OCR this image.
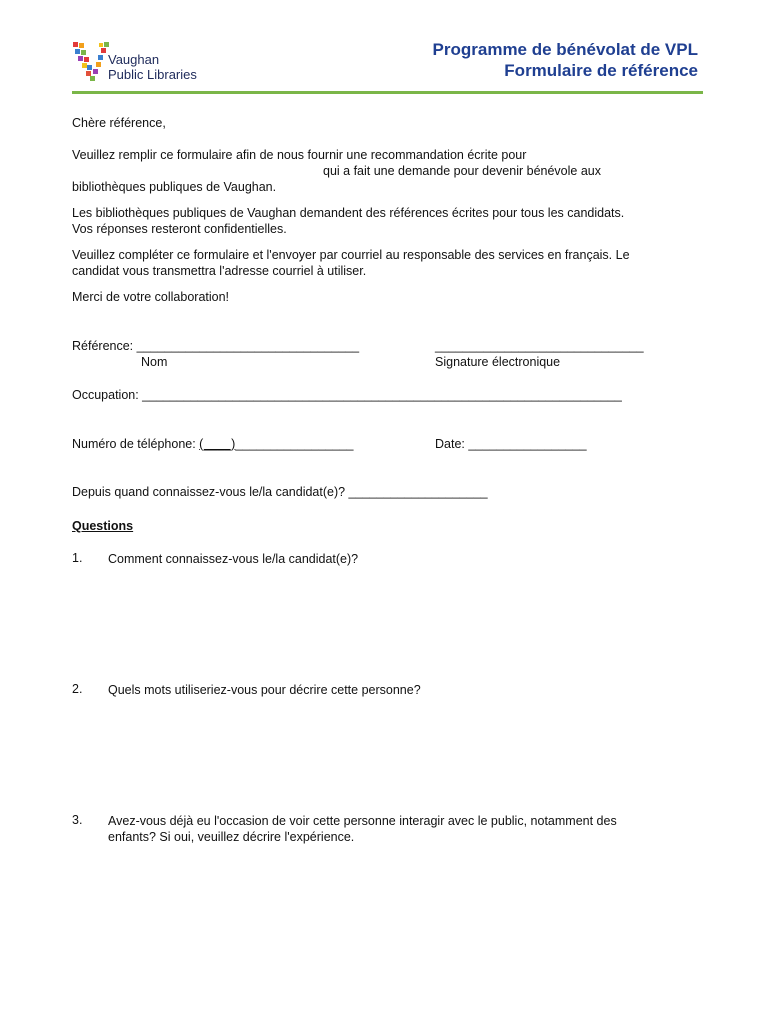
Vaughan
Public Libraries
Programme de bénévolat de VPL
Formulaire de référence
Chère référence,
Veuillez remplir ce formulaire afin de nous fournir une recommandation écrite pour
qui a fait une demande pour devenir bénévole aux
bibliothèques publiques de Vaughan.
Les bibliothèques publiques de Vaughan demandent des références écrites pour tous les candidats.
Vos réponses resteront confidentielles.
Veuillez compléter ce formulaire et l'envoyer par courriel au responsable des services en français. Le
candidat vous transmettra l'adresse courriel à utiliser.
Merci de votre collaboration!
Référence: ________________________________	______________________________
Nom	Signature électronique
Occupation: _____________________________________________________________________
Numéro de téléphone: (____)_________________	Date: _________________
Depuis quand connaissez-vous le/la candidat(e)? ____________________
Questions
1. Comment connaissez-vous le/la candidat(e)?
2. Quels mots utiliseriez-vous pour décrire cette personne?
3. Avez-vous déjà eu l'occasion de voir cette personne interagir avec le public, notamment des
enfants? Si oui, veuillez décrire l'expérience.
